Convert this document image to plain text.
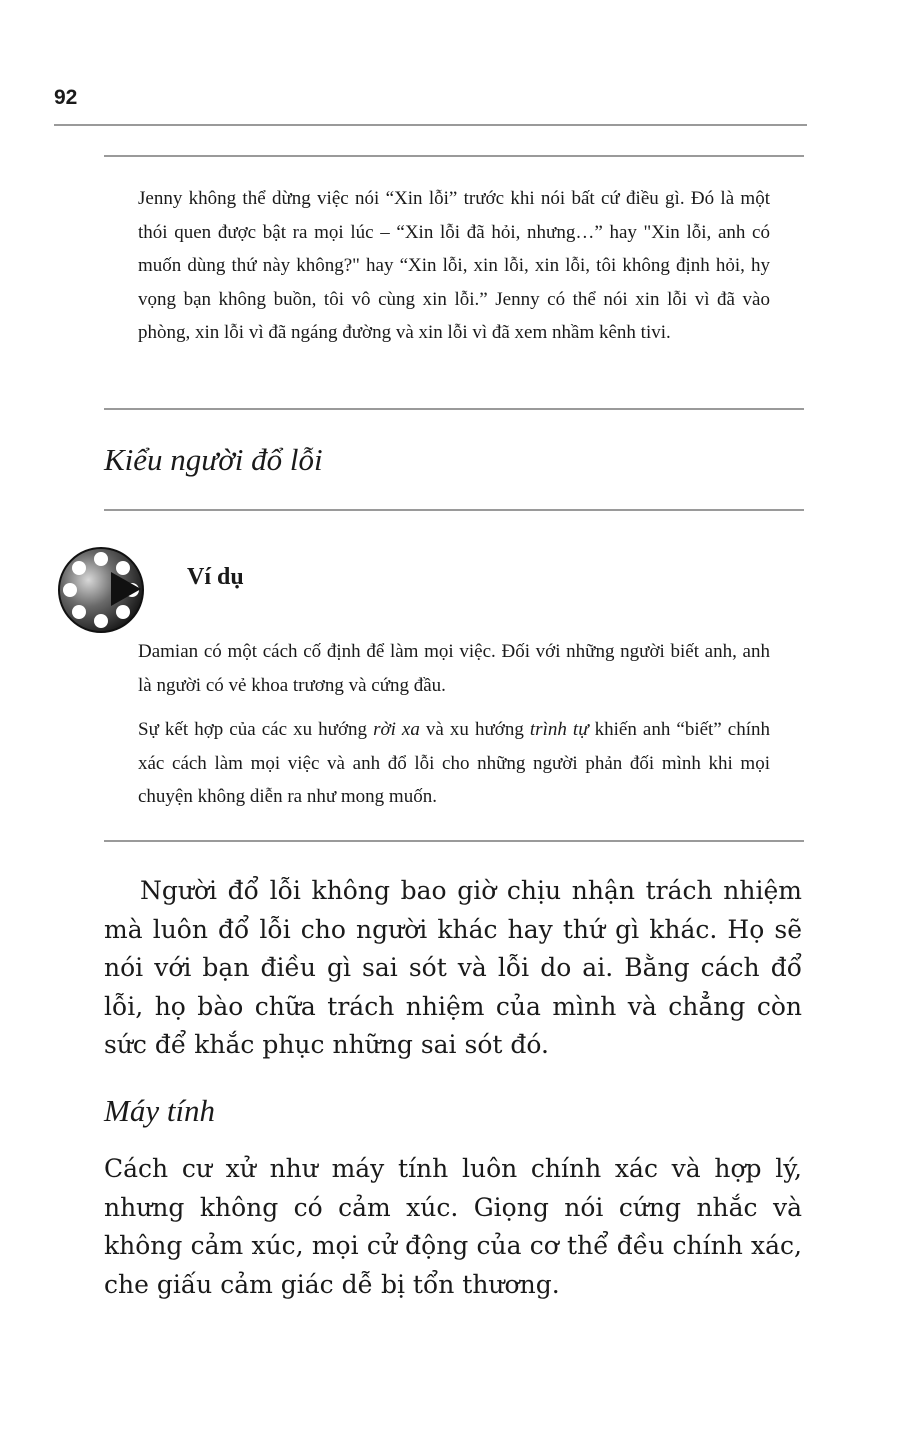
92

Jenny không thể dừng việc nói “Xin lỗi” trước khi nói bất cứ điều gì. Đó là một thói quen được bật ra mọi lúc – “Xin lỗi đã hỏi, nhưng…” hay "Xin lỗi, anh có muốn dùng thứ này không?" hay “Xin lỗi, xin lỗi, xin lỗi, tôi không định hỏi, hy vọng bạn không buồn, tôi vô cùng xin lỗi.” Jenny có thể nói xin lỗi vì đã vào phòng, xin lỗi vì đã ngáng đường và xin lỗi vì đã xem nhầm kênh tivi.

Kiểu người đổ lỗi
Ví dụ

Damian có một cách cố định để làm mọi việc. Đối với những người biết anh, anh là người có vẻ khoa trương và cứng đầu.

Sự kết hợp của các xu hướng rời xa và xu hướng trình tự khiến anh “biết” chính xác cách làm mọi việc và anh đổ lỗi cho những người phản đối mình khi mọi chuyện không diễn ra như mong muốn.

Người đổ lỗi không bao giờ chịu nhận trách nhiệm mà luôn đổ lỗi cho người khác hay thứ gì khác. Họ sẽ nói với bạn điều gì sai sót và lỗi do ai. Bằng cách đổ lỗi, họ bào chữa trách nhiệm của mình và chẳng còn sức để khắc phục những sai sót đó.

Máy tính

Cách cư xử như máy tính luôn chính xác và hợp lý, nhưng không có cảm xúc. Giọng nói cứng nhắc và không cảm xúc, mọi cử động của cơ thể đều chính xác, che giấu cảm giác dễ bị tổn thương.
